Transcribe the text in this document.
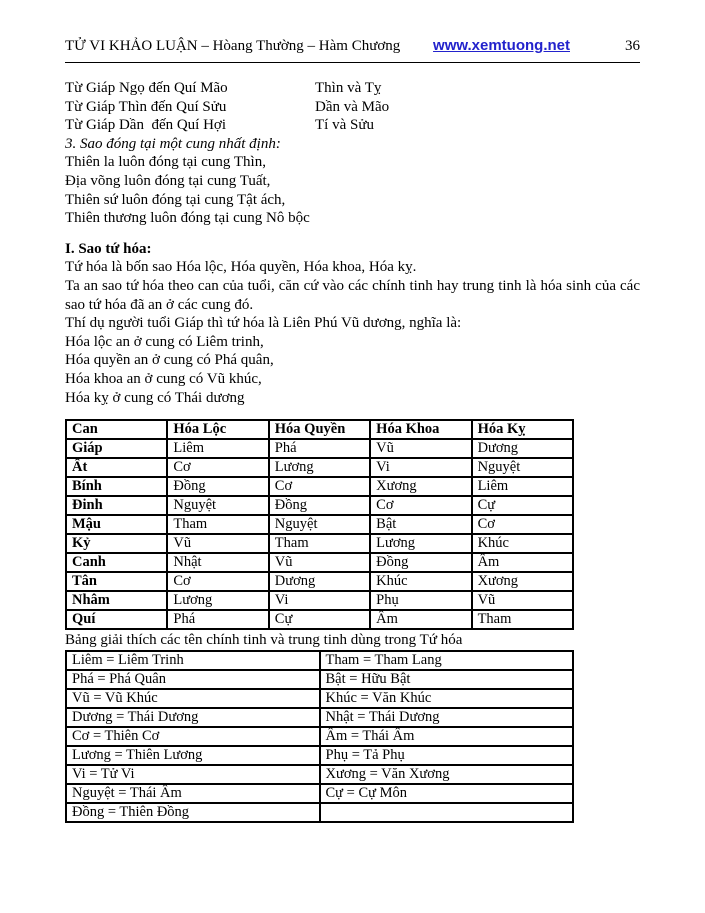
TỬ VI KHẢO LUẬN – Hòang Thường – Hàm Chương	www.xemtuong.net	36
Từ Giáp Ngọ đến Quí Mão	Thìn và Tỵ
Từ Giáp Thìn đến Quí Sửu	Dần và Mão
Từ Giáp Dần  đến Quí Hợi	Tí và Sửu
3. Sao đóng tại một cung nhất định:
Thiên la luôn đóng tại cung Thìn,
Địa võng luôn đóng tại cung Tuất,
Thiên sứ luôn đóng tại cung Tật ách,
Thiên thương luôn đóng tại cung Nô bộc
I. Sao tứ hóa:
Tứ hóa là bốn sao Hóa lộc, Hóa quyền, Hóa khoa, Hóa kỵ.
Ta an sao tứ hóa theo can của tuổi, căn cứ vào các chính tinh hay trung tinh là hóa sinh của các
sao tứ hóa đã an ở các cung đó.
Thí dụ người tuổi Giáp thì tứ hóa là Liên Phú Vũ dương, nghĩa là:
Hóa lộc an ở cung có Liêm trinh,
Hóa quyền an ở cung có Phá quân,
Hóa khoa an ở cung có Vũ khúc,
Hóa kỵ ở cung có Thái dương
Can	Hóa Lộc	Hóa Quyền	Hóa Khoa	Hóa Kỵ
Giáp	Liêm	Phá	Vũ	Dương
Ất	Cơ	Lương	Vi	Nguyệt
Bính	Đồng	Cơ	Xương	Liêm
Đinh	Nguyệt	Đồng	Cơ	Cự
Mậu	Tham	Nguyệt	Bật	Cơ
Kỷ	Vũ	Tham	Lương	Khúc
Canh	Nhật	Vũ	Đồng	Âm
Tân	Cơ	Dương	Khúc	Xương
Nhâm	Lương	Vi	Phụ	Vũ
Quí	Phá	Cự	Âm	Tham
Bảng giải thích các tên chính tinh và trung tinh dùng trong Tứ hóa
Liêm = Liêm Trinh	Tham = Tham Lang
Phá = Phá Quân	Bật = Hữu Bật
Vũ = Vũ Khúc	Khúc = Văn Khúc
Dương = Thái Dương	Nhật = Thái Dương
Cơ = Thiên Cơ	Âm = Thái Âm
Lương = Thiên Lương	Phụ = Tả Phụ
Vi = Tử Vi	Xương = Văn Xương
Nguyệt = Thái Âm	Cự = Cự Môn
Đồng = Thiên Đồng	
